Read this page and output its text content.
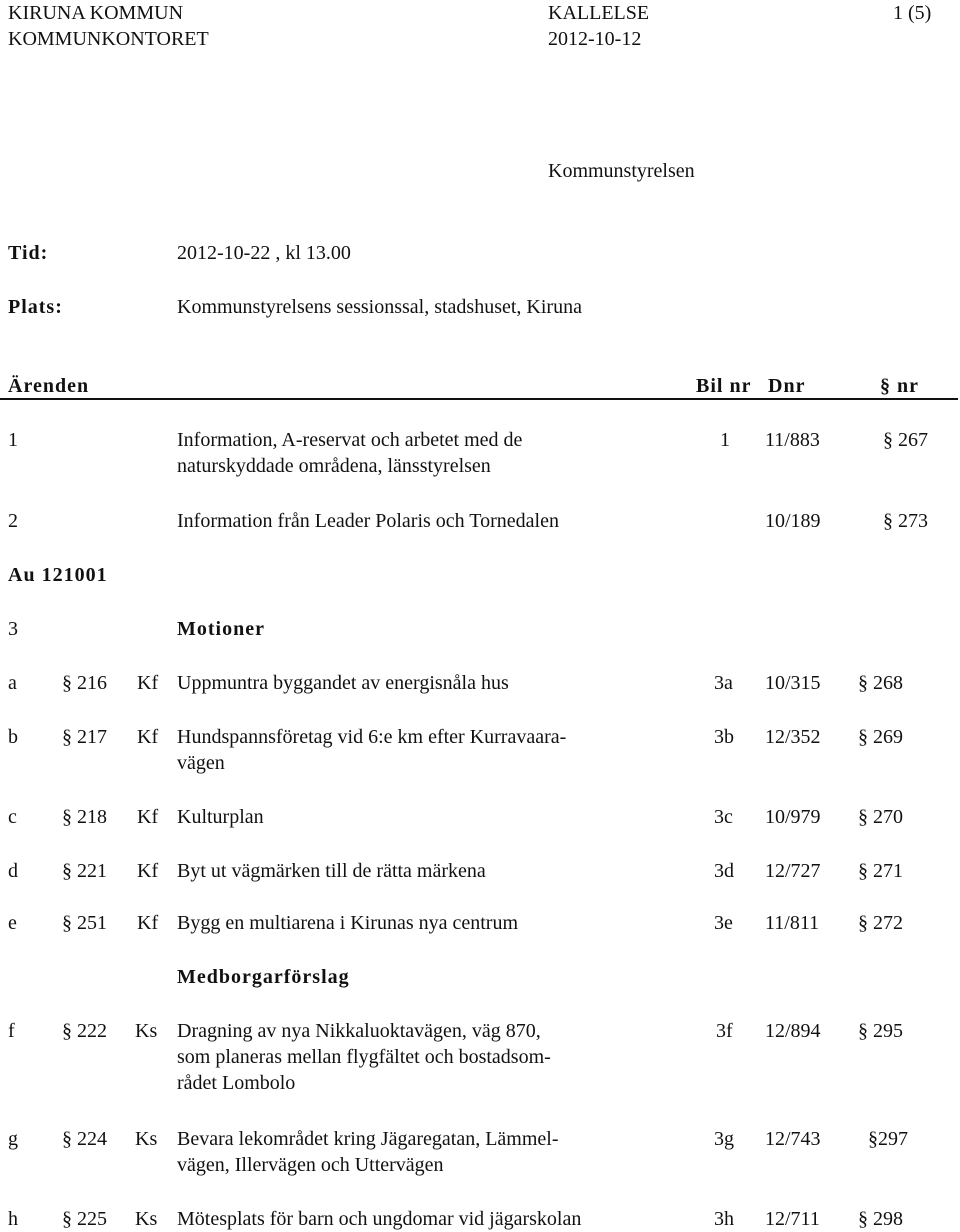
KIRUNA KOMMUN
KOMMUNKONTORET
KALLELSE
2012-10-12
1 (5)
Kommunstyrelsen
Tid:	2012-10-22 , kl 13.00
Plats:	Kommunstyrelsens sessionssal, stadshuset, Kiruna
Ärenden	Bil nr Dnr	§ nr
1	Information, A-reservat och arbetet med de
naturskyddade områdena, länsstyrelsen
1 11/883	§ 267
2	Information från Leader Polaris och Tornedalen	10/189	§ 273
Au 121001
3	Motioner
a § 216 Kf Uppmuntra byggandet av energisnåla hus	3a 10/315 § 268
b § 217 Kf Hundspannsföretag vid 6:e km efter Kurravaara-
vägen
3b 12/352 § 269
c § 218 Kf Kulturplan	3c 10/979 § 270
d § 221 Kf Byt ut vägmärken till de rätta märkena	3d 12/727 § 271
e § 251 Kf Bygg en multiarena i Kirunas nya centrum	3e 11/811 § 272
Medborgarförslag
f § 222 Ks Dragning av nya Nikkaluoktavägen, väg 870,
som planeras mellan flygfältet och bostadsom-
rådet Lombolo
3f 12/894 § 295
g § 224 Ks Bevara lekområdet kring Jägaregatan, Lämmel-
vägen, Illervägen och Uttervägen
3g 12/743 §297
h § 225 Ks Mötesplats för barn och ungdomar vid jägarskolan	3h 12/711 § 298
